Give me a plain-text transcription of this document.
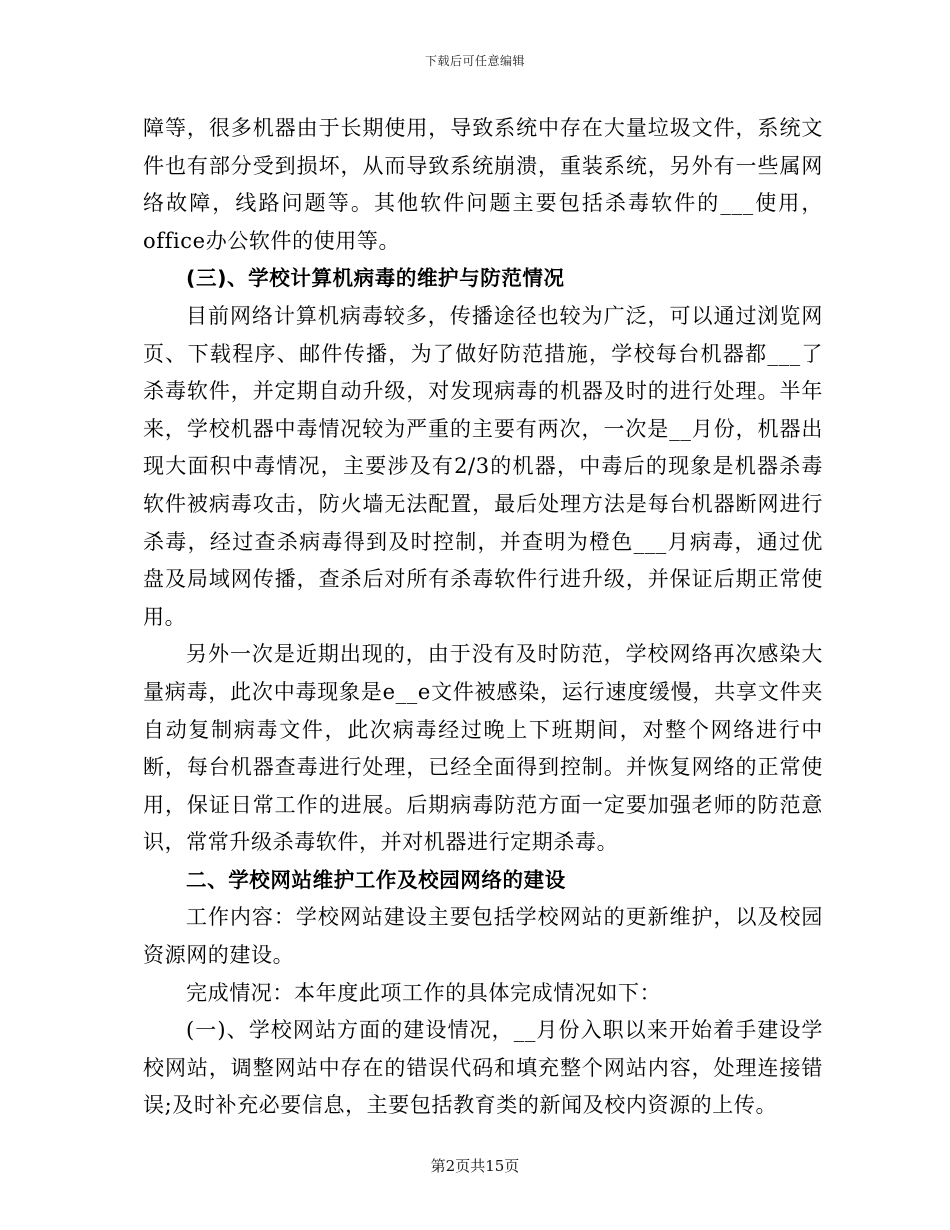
下载后可任意编辑

障等，很多机器由于长期使用，导致系统中存在大量垃圾文件，系统文件也有部分受到损坏，从而导致系统崩溃，重装系统，另外有一些属网络故障，线路问题等。其他软件问题主要包括杀毒软件的___使用，office办公软件的使用等。

(三)、学校计算机病毒的维护与防范情况

目前网络计算机病毒较多，传播途径也较为广泛，可以通过浏览网页、下载程序、邮件传播，为了做好防范措施，学校每台机器都___了杀毒软件，并定期自动升级，对发现病毒的机器及时的进行处理。半年来，学校机器中毒情况较为严重的主要有两次，一次是__月份，机器出现大面积中毒情况，主要涉及有2/3的机器，中毒后的现象是机器杀毒软件被病毒攻击，防火墙无法配置，最后处理方法是每台机器断网进行杀毒，经过查杀病毒得到及时控制，并查明为橙色___月病毒，通过优盘及局域网传播，查杀后对所有杀毒软件行进升级，并保证后期正常使用。

另外一次是近期出现的，由于没有及时防范，学校网络再次感染大量病毒，此次中毒现象是e__e文件被感染，运行速度缓慢，共享文件夹自动复制病毒文件，此次病毒经过晚上下班期间，对整个网络进行中断，每台机器查毒进行处理，已经全面得到控制。并恢复网络的正常使用，保证日常工作的进展。后期病毒防范方面一定要加强老师的防范意识，常常升级杀毒软件，并对机器进行定期杀毒。

二、学校网站维护工作及校园网络的建设

工作内容：学校网站建设主要包括学校网站的更新维护，以及校园资源网的建设。

完成情况：本年度此项工作的具体完成情况如下：

(一)、学校网站方面的建设情况，__月份入职以来开始着手建设学校网站，调整网站中存在的错误代码和填充整个网站内容，处理连接错误;及时补充必要信息，主要包括教育类的新闻及校内资源的上传。

第2页共15页
